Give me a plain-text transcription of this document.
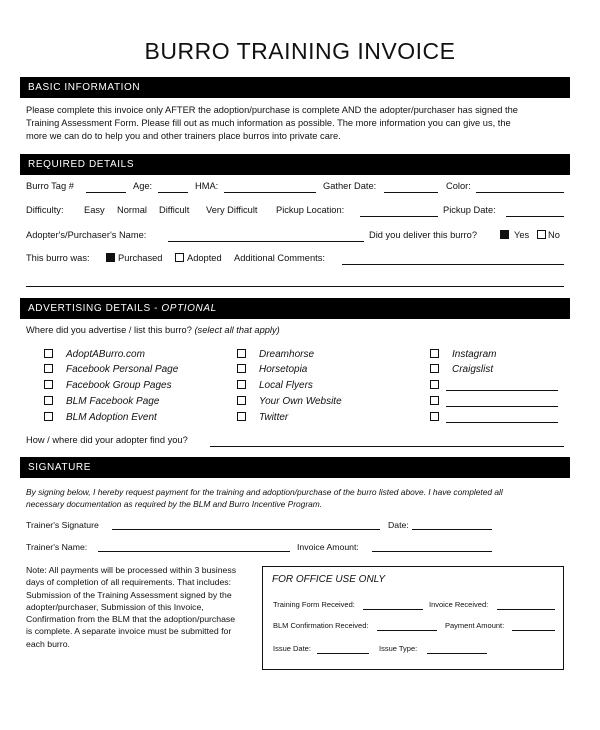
BURRO TRAINING INVOICE
BASIC INFORMATION
Please complete this invoice only AFTER the adoption/purchase is complete AND the adopter/purchaser has signed the
Training Assessment Form. Please fill out as much information as possible. The more information you can give us, the
more we can do to help you and other trainers place burros into private care.
REQUIRED DETAILS
Burro Tag #	Age:	HMA:	Gather Date:	Color:
Difficulty: Easy Normal Difficult Very Difficult Pickup Location:	Pickup Date:
Adopter's/Purchaser's Name:	Did you deliver this burro?	Yes	No
This burro was:	Purchased	Adopted Additional Comments:
ADVERTISING DETAILS - OPTIONAL
Where did you advertise / list this burro? (select all that apply)
AdoptABurro.com
Facebook Personal Page
Facebook Group Pages
BLM Facebook Page
BLM Adoption Event
Dreamhorse
Horsetopia
Local Flyers
Your Own Website
Twitter
Instagram
Craigslist
How / where did your adopter find you?
SIGNATURE
By signing below, I hereby request payment for the training and adoption/purchase of the burro listed above. I have completed all
necessary documentation as required by the BLM and Burro Incentive Program.
Trainer's Signature	Date:
Trainer's Name:	Invoice Amount:
Note: All payments will be processed within 3 business
days of completion of all requirements. That includes:
Submission of the Training Assessment signed by the
adopter/purchaser, Submission of this Invoice,
Confirmation from the BLM that the adoption/purchase
is complete. A separate invoice must be submitted for
each burro.
FOR OFFICE USE ONLY
Training Form Received:	Invoice Received:
BLM Confirmation Received:	Payment Amount:
Issue Date:	Issue Type:
